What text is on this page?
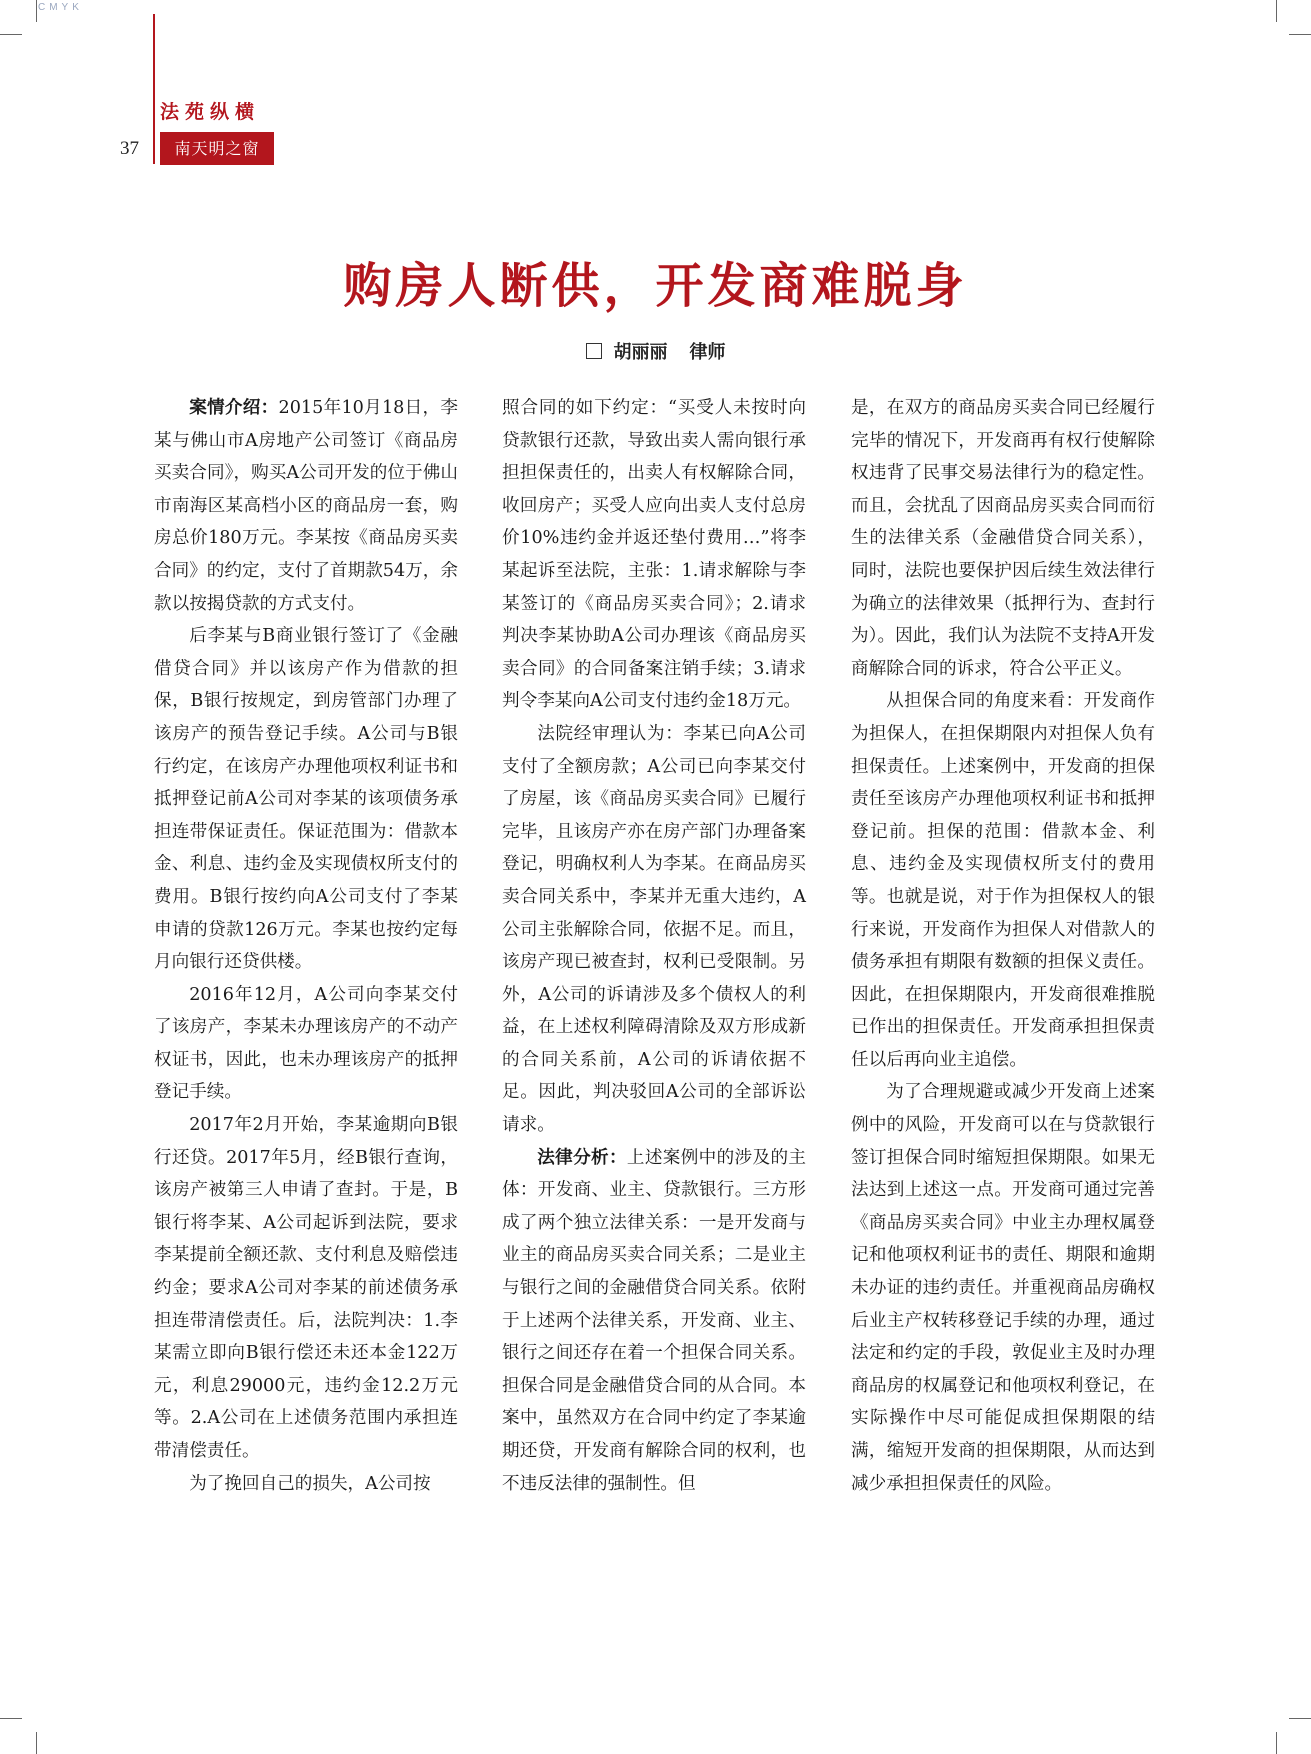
CMYK
法苑纵横
37	南天明之窗
购房人断供，开发商难脱身
胡丽丽 律师

案情介绍：2015年10月18日，李某与佛山市A房地产公司签订《商品房买卖合同》，购买A公司开发的位于佛山市南海区某高档小区的商品房一套，购房总价180万元。李某按《商品房买卖合同》的约定，支付了首期款54万，余款以按揭贷款的方式支付。

后李某与B商业银行签订了《金融借贷合同》并以该房产作为借款的担保，B银行按规定，到房管部门办理了该房产的预告登记手续。A公司与B银行约定，在该房产办理他项权利证书和抵押登记前A公司对李某的该项债务承担连带保证责任。保证范围为：借款本金、利息、违约金及实现债权所支付的费用。B银行按约向A公司支付了李某申请的贷款126万元。李某也按约定每月向银行还贷供楼。

2016年12月，A公司向李某交付了该房产，李某未办理该房产的不动产权证书，因此，也未办理该房产的抵押登记手续。

2017年2月开始，李某逾期向B银行还贷。2017年5月，经B银行查询，该房产被第三人申请了查封。于是，B银行将李某、A公司起诉到法院，要求李某提前全额还款、支付利息及赔偿违约金；要求A公司对李某的前述债务承担连带清偿责任。后，法院判决：1.李某需立即向B银行偿还未还本金122万元，利息29000元，违约金12.2万元等。2.A公司在上述债务范围内承担连带清偿责任。

为了挽回自己的损失，A公司按

照合同的如下约定：“买受人未按时向贷款银行还款，导致出卖人需向银行承担担保责任的，出卖人有权解除合同，收回房产；买受人应向出卖人支付总房价10%违约金并返还垫付费用…”将李某起诉至法院，主张：1.请求解除与李某签订的《商品房买卖合同》；2.请求判决李某协助A公司办理该《商品房买卖合同》的合同备案注销手续；3.请求判令李某向A公司支付违约金18万元。

法院经审理认为：李某已向A公司支付了全额房款；A公司已向李某交付了房屋，该《商品房买卖合同》已履行完毕，且该房产亦在房产部门办理备案登记，明确权利人为李某。在商品房买卖合同关系中，李某并无重大违约，A公司主张解除合同，依据不足。而且，该房产现已被查封，权利已受限制。另外，A公司的诉请涉及多个债权人的利益，在上述权利障碍清除及双方形成新的合同关系前，A公司的诉请依据不足。因此，判决驳回A公司的全部诉讼请求。

法律分析：上述案例中的涉及的主体：开发商、业主、贷款银行。三方形成了两个独立法律关系：一是开发商与业主的商品房买卖合同关系；二是业主与银行之间的金融借贷合同关系。依附于上述两个法律关系，开发商、业主、银行之间还存在着一个担保合同关系。担保合同是金融借贷合同的从合同。本案中，虽然双方在合同中约定了李某逾期还贷，开发商有解除合同的权利，也不违反法律的强制性。但

是，在双方的商品房买卖合同已经履行完毕的情况下，开发商再有权行使解除权违背了民事交易法律行为的稳定性。而且，会扰乱了因商品房买卖合同而衍生的法律关系（金融借贷合同关系），同时，法院也要保护因后续生效法律行为确立的法律效果（抵押行为、查封行为）。因此，我们认为法院不支持A开发商解除合同的诉求，符合公平正义。

从担保合同的角度来看：开发商作为担保人，在担保期限内对担保人负有担保责任。上述案例中，开发商的担保责任至该房产办理他项权利证书和抵押登记前。担保的范围：借款本金、利息、违约金及实现债权所支付的费用等。也就是说，对于作为担保权人的银行来说，开发商作为担保人对借款人的债务承担有期限有数额的担保义责任。因此，在担保期限内，开发商很难推脱已作出的担保责任。开发商承担担保责任以后再向业主追偿。

为了合理规避或减少开发商上述案例中的风险，开发商可以在与贷款银行签订担保合同时缩短担保期限。如果无法达到上述这一点。开发商可通过完善《商品房买卖合同》中业主办理权属登记和他项权利证书的责任、期限和逾期未办证的违约责任。并重视商品房确权后业主产权转移登记手续的办理，通过法定和约定的手段，敦促业主及时办理商品房的权属登记和他项权利登记，在实际操作中尽可能促成担保期限的结满，缩短开发商的担保期限，从而达到减少承担担保责任的风险。
